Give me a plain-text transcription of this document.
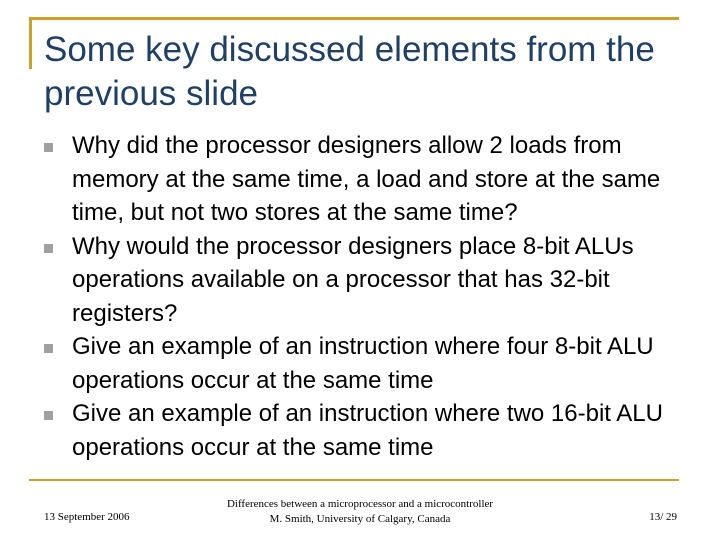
Some key discussed elements from the previous slide
Why did the processor designers allow 2 loads from memory at the same time, a load and store at the same time, but not two stores at the same time?
Why would the processor designers place 8-bit ALUs operations available on a processor that has 32-bit registers?
Give an example of an instruction where four 8-bit ALU operations occur at the same time
Give an example of an instruction where two 16-bit ALU operations occur at the same time
13 September 2006
Differences between a microprocessor and a microcontroller
M. Smith, University of Calgary, Canada	13/ 29
